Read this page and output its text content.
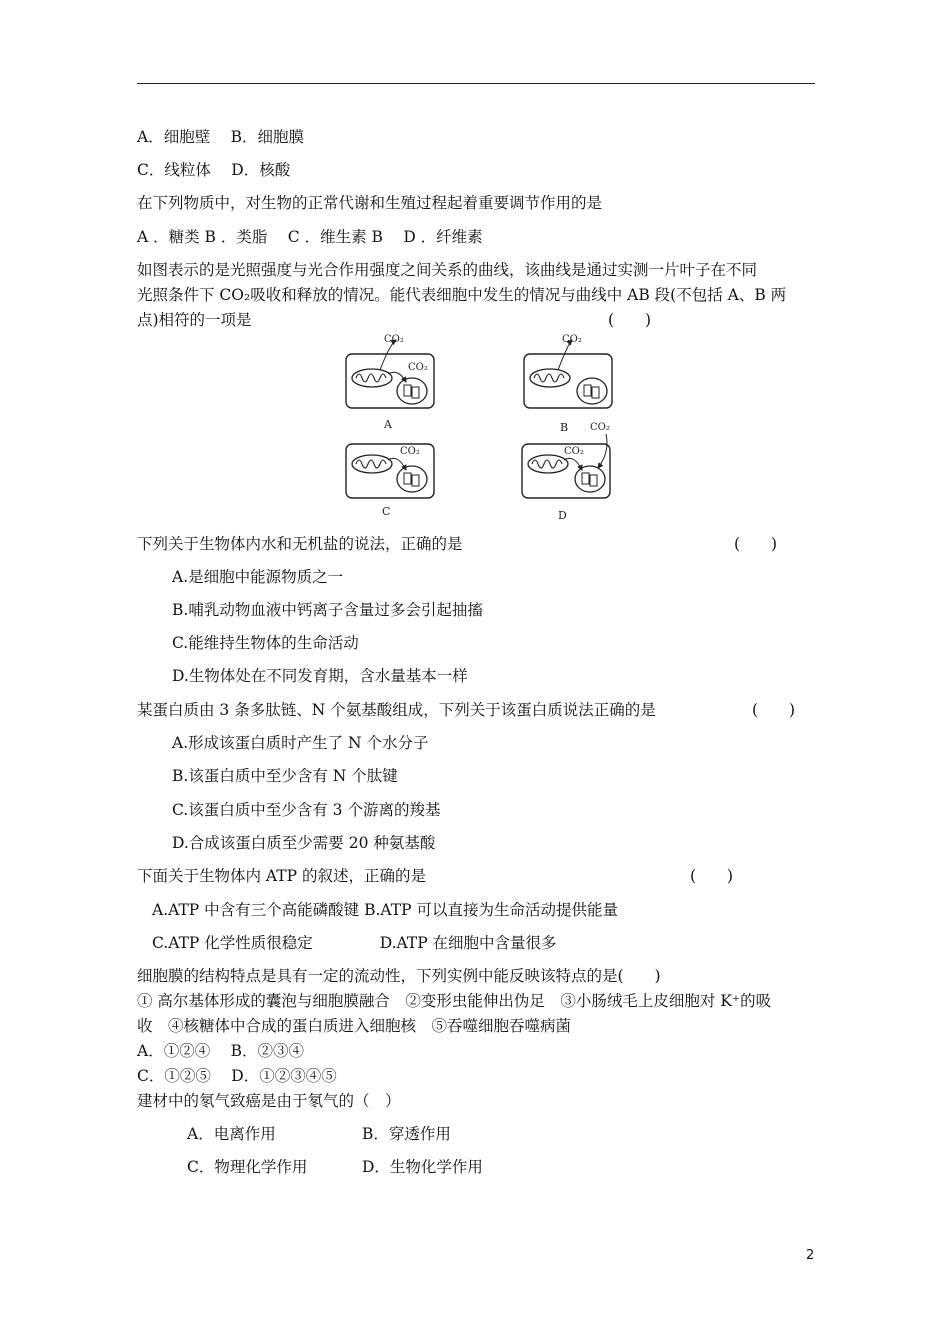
A．细胞壁　 B．细胞膜
C．线粒体　 D．核酸
在下列物质中，对生物的正常代谢和生殖过程起着重要调节作用的是
A ．糖类 B ．类脂　 C ．维生素 B　 D ．纤维素
如图表示的是光照强度与光合作用强度之间关系的曲线，该曲线是通过实测一片叶子在不同
光照条件下 CO₂吸收和释放的情况。能代表细胞中发生的情况与曲线中 AB 段(不包括 A、B 两
点)相符的一项是	(　　)
CO₂
CO₂
A
CO₂
B
CO₂
C
CO₂
CO₂
D
下列关于生物体内水和无机盐的说法，正确的是	(　　)
A.是细胞中能源物质之一
B.哺乳动物血液中钙离子含量过多会引起抽搐
C.能维持生物体的生命活动
D.生物体处在不同发育期，含水量基本一样
某蛋白质由 3 条多肽链、N 个氨基酸组成，下列关于该蛋白质说法正确的是	(　　)
A.形成该蛋白质时产生了 N 个水分子
B.该蛋白质中至少含有 N 个肽键
C.该蛋白质中至少含有 3 个游离的羧基
D.合成该蛋白质至少需要 20 种氨基酸
下面关于生物体内 ATP 的叙述，正确的是	(　　)
A.ATP 中含有三个高能磷酸键 B.ATP 可以直接为生命活动提供能量
C.ATP 化学性质很稳定　　　　 D.ATP 在细胞中含量很多
细胞膜的结构特点是具有一定的流动性，下列实例中能反映该特点的是(　　)
① 高尔基体形成的囊泡与细胞膜融合　②变形虫能伸出伪足　③小肠绒毛上皮细胞对 K⁺的吸
收　④核糖体中合成的蛋白质进入细胞核　⑤吞噬细胞吞噬病菌
A．①②④　 B．②③④
C．①②⑤　 D．①②③④⑤
建材中的氡气致癌是由于氡气的（　）
A．电离作用	B．穿透作用
C．物理化学作用	D．生物化学作用
2
